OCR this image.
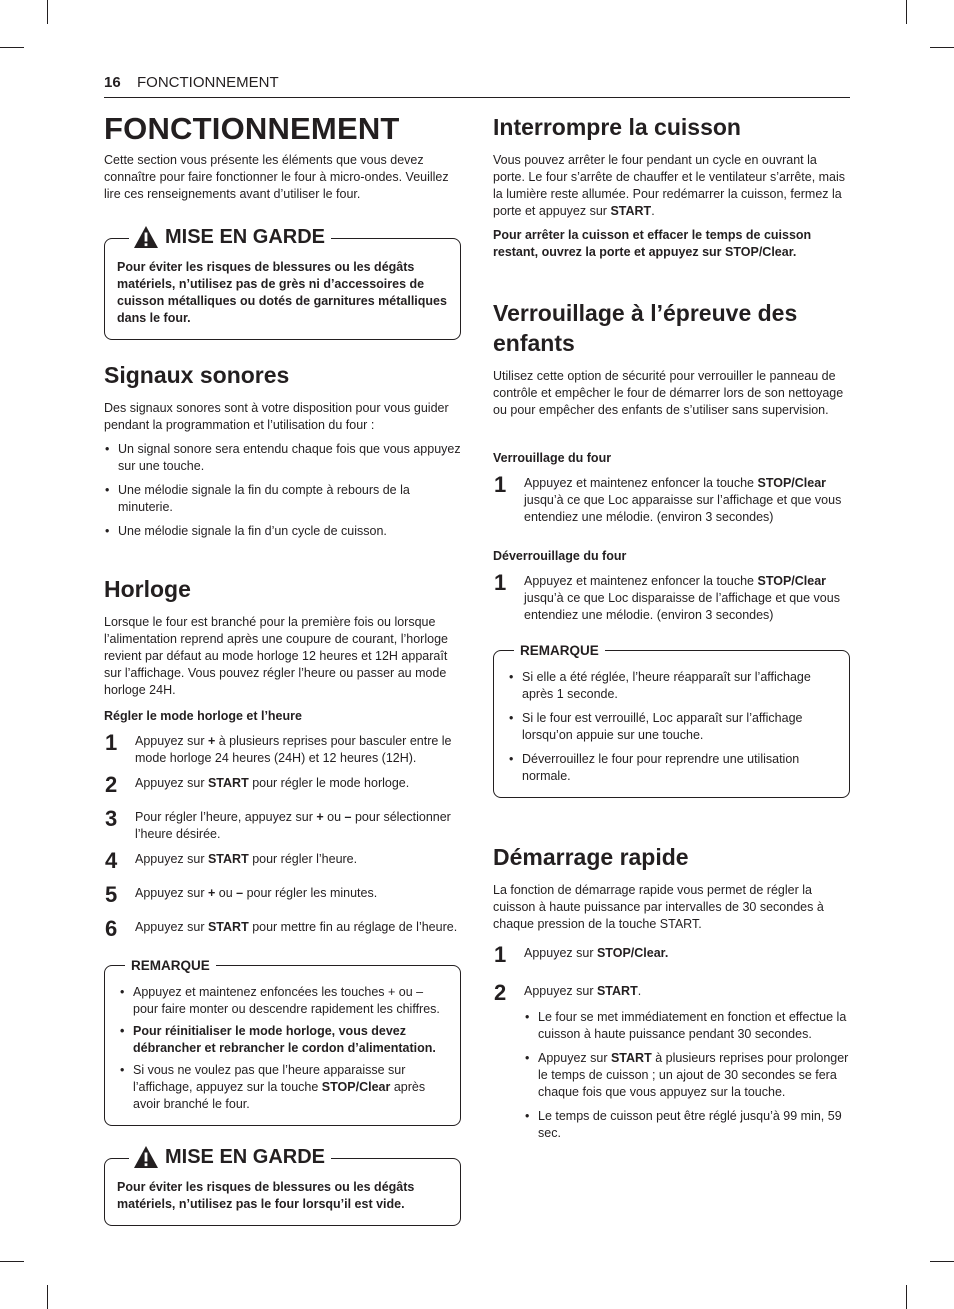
16 FONCTIONNEMENT
FONCTIONNEMENT

Cette section vous présente les éléments que vous devez connaître pour faire fonctionner le four à micro-ondes. Veuillez lire ces renseignements avant d’utiliser le four.

MISE EN GARDE

Pour éviter les risques de blessures ou les dégâts matériels, n’utilisez pas de grès ni d’accessoires de cuisson métalliques ou dotés de garnitures métalliques dans le four.

Signaux sonores

Des signaux sonores sont à votre disposition pour vous guider pendant la programmation et l’utilisation du four :

• Un signal sonore sera entendu chaque fois que vous appuyez sur une touche.
• Une mélodie signale la fin du compte à rebours de la minuterie.
• Une mélodie signale la fin d’un cycle de cuisson.
Horloge

Lorsque le four est branché pour la première fois ou lorsque l’alimentation reprend après une coupure de courant, l’horloge revient par défaut au mode horloge 12 heures et 12H apparaît sur l’affichage. Vous pouvez régler l’heure ou passer au mode horloge 24H.

Régler le mode horloge et l’heure

1	Appuyez sur + à plusieurs reprises pour basculer entre le mode horloge 24 heures (24H) et 12 heures (12H).
2	Appuyez sur START pour régler le mode horloge.
3	Pour régler l’heure, appuyez sur + ou – pour sélectionner l’heure désirée.
4	Appuyez sur START pour régler l’heure.
5	Appuyez sur + ou – pour régler les minutes.
6	Appuyez sur START pour mettre fin au réglage de l’heure.
REMARQUE
• Appuyez et maintenez enfoncées les touches + ou – pour faire monter ou descendre rapidement les chiffres.
• Pour réinitialiser le mode horloge, vous devez débrancher et rebrancher le cordon d’alimentation.
• Si vous ne voulez pas que l’heure apparaisse sur l’affichage, appuyez sur la touche STOP/Clear après avoir branché le four.
MISE EN GARDE

Pour éviter les risques de blessures ou les dégâts matériels, n’utilisez pas le four lorsqu’il est vide.

Interrompre la cuisson

Vous pouvez arrêter le four pendant un cycle en ouvrant la porte. Le four s’arrête de chauffer et le ventilateur s’arrête, mais la lumière reste allumée. Pour redémarrer la cuisson, fermez la porte et appuyez sur START.

Pour arrêter la cuisson et effacer le temps de cuisson restant, ouvrez la porte et appuyez sur STOP/Clear.

Verrouillage à l’épreuve des enfants

Utilisez cette option de sécurité pour verrouiller le panneau de contrôle et empêcher le four de démarrer lors de son nettoyage ou pour empêcher des enfants de s’utiliser sans supervision.

Verrouillage du four

1	Appuyez et maintenez enfoncer la touche STOP/Clear jusqu’à ce que Loc apparaisse sur l’affichage et que vous entendiez une mélodie. (environ 3 secondes)

Déverrouillage du four

1	Appuyez et maintenez enfoncer la touche STOP/Clear jusqu’à ce que Loc disparaisse de l’affichage et que vous entendiez une mélodie. (environ 3 secondes)
REMARQUE
• Si elle a été réglée, l’heure réapparaît sur l’affichage après 1 seconde.
• Si le four est verrouillé, Loc apparaît sur l’affichage lorsqu’on appuie sur une touche.
• Déverrouillez le four pour reprendre une utilisation normale.
Démarrage rapide

La fonction de démarrage rapide vous permet de régler la cuisson à haute puissance par intervalles de 30 secondes à chaque pression de la touche START.

1	Appuyez sur STOP/Clear.
2	Appuyez sur START.
• Le four se met immédiatement en fonction et effectue la cuisson à haute puissance pendant 30 secondes.
• Appuyez sur START à plusieurs reprises pour prolonger le temps de cuisson ; un ajout de 30 secondes se fera chaque fois que vous appuyez sur la touche.
• Le temps de cuisson peut être réglé jusqu’à 99 min, 59 sec.
